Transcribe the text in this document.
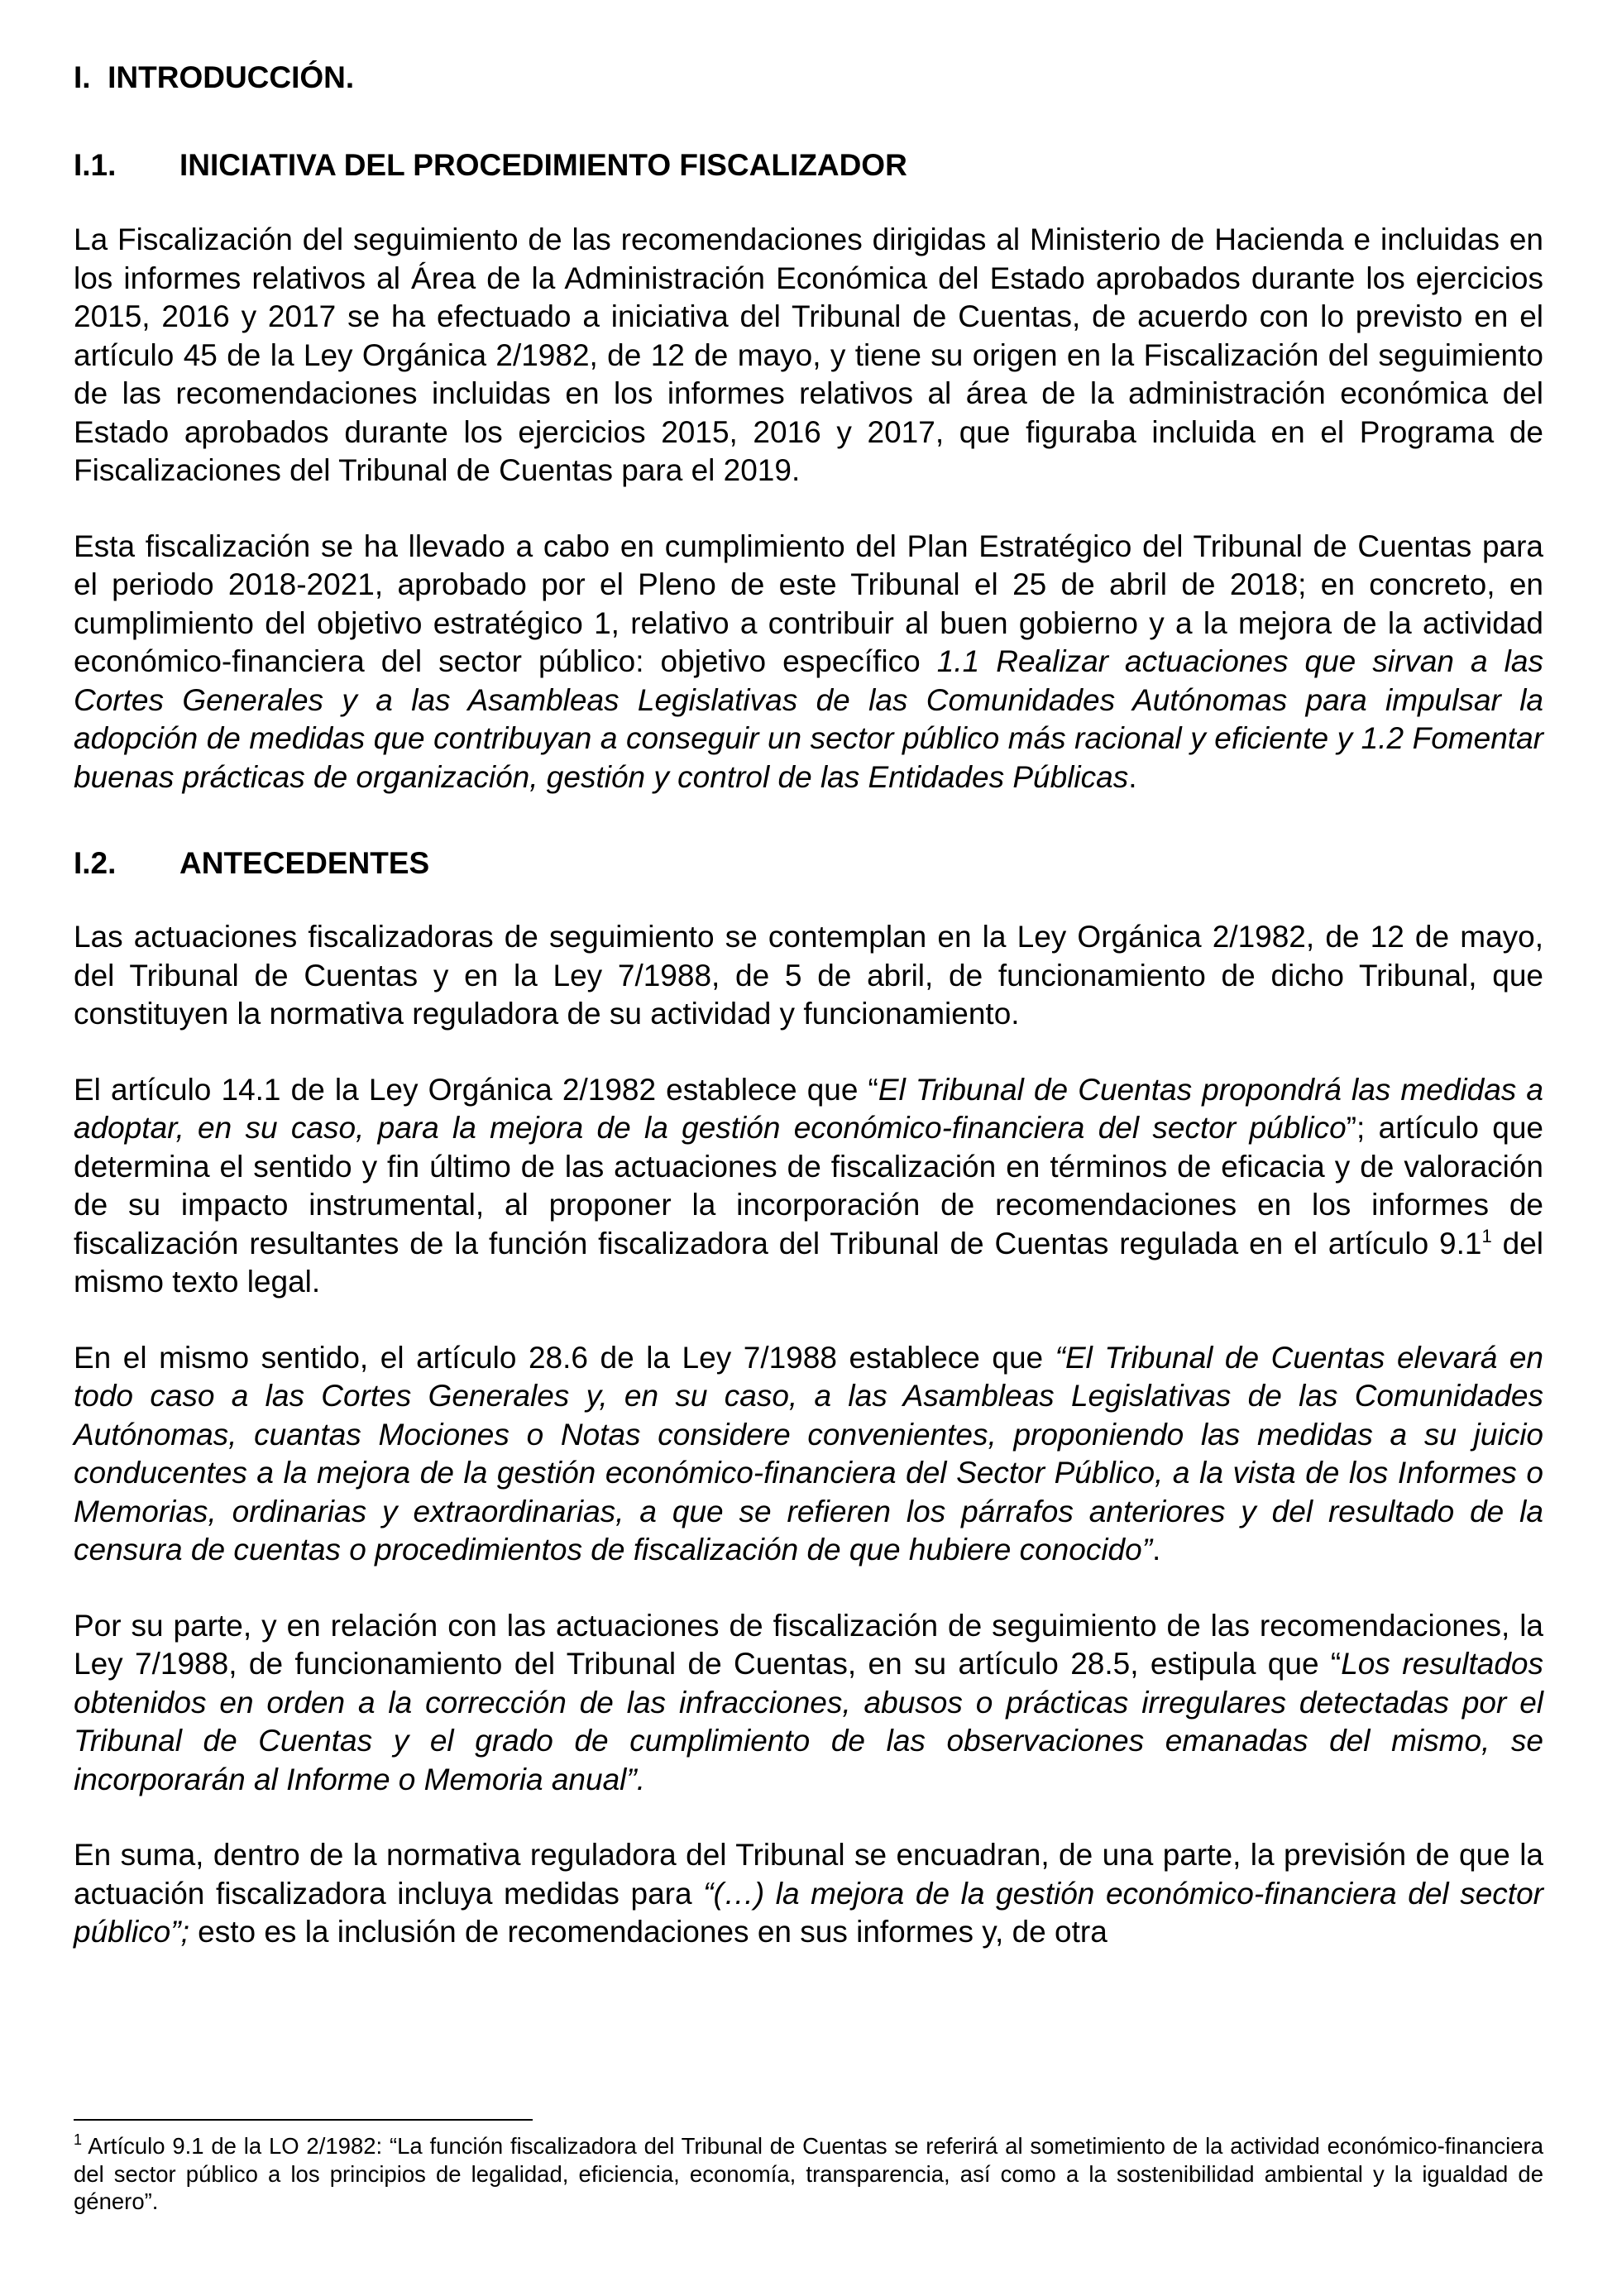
I. INTRODUCCIÓN.
I.1.	INICIATIVA DEL PROCEDIMIENTO FISCALIZADOR

La Fiscalización del seguimiento de las recomendaciones dirigidas al Ministerio de Hacienda e incluidas en los informes relativos al Área de la Administración Económica del Estado aprobados durante los ejercicios 2015, 2016 y 2017 se ha efectuado a iniciativa del Tribunal de Cuentas, de acuerdo con lo previsto en el artículo 45 de la Ley Orgánica 2/1982, de 12 de mayo, y tiene su origen en la Fiscalización del seguimiento de las recomendaciones incluidas en los informes relativos al área de la administración económica del Estado aprobados durante los ejercicios 2015, 2016 y 2017, que figuraba incluida en el Programa de Fiscalizaciones del Tribunal de Cuentas para el 2019.

Esta fiscalización se ha llevado a cabo en cumplimiento del Plan Estratégico del Tribunal de Cuentas para el periodo 2018-2021, aprobado por el Pleno de este Tribunal el 25 de abril de 2018; en concreto, en cumplimiento del objetivo estratégico 1, relativo a contribuir al buen gobierno y a la mejora de la actividad económico-financiera del sector público: objetivo específico 1.1 Realizar actuaciones que sirvan a las Cortes Generales y a las Asambleas Legislativas de las Comunidades Autónomas para impulsar la adopción de medidas que contribuyan a conseguir un sector público más racional y eficiente y 1.2 Fomentar buenas prácticas de organización, gestión y control de las Entidades Públicas.

I.2.	ANTECEDENTES

Las actuaciones fiscalizadoras de seguimiento se contemplan en la Ley Orgánica 2/1982, de 12 de mayo, del Tribunal de Cuentas y en la Ley 7/1988, de 5 de abril, de funcionamiento de dicho Tribunal, que constituyen la normativa reguladora de su actividad y funcionamiento.

El artículo 14.1 de la Ley Orgánica 2/1982 establece que “El Tribunal de Cuentas propondrá las medidas a adoptar, en su caso, para la mejora de la gestión económico-financiera del sector público”; artículo que determina el sentido y fin último de las actuaciones de fiscalización en términos de eficacia y de valoración de su impacto instrumental, al proponer la incorporación de recomendaciones en los informes de fiscalización resultantes de la función fiscalizadora del Tribunal de Cuentas regulada en el artículo $9.1^1$ del mismo texto legal.

En el mismo sentido, el artículo 28.6 de la Ley 7/1988 establece que “El Tribunal de Cuentas elevará en todo caso a las Cortes Generales y, en su caso, a las Asambleas Legislativas de las Comunidades Autónomas, cuantas Mociones o Notas considere convenientes, proponiendo las medidas a su juicio conducentes a la mejora de la gestión económico-financiera del Sector Público, a la vista de los Informes o Memorias, ordinarias y extraordinarias, a que se refieren los párrafos anteriores y del resultado de la censura de cuentas o procedimientos de fiscalización de que hubiere conocido”.

Por su parte, y en relación con las actuaciones de fiscalización de seguimiento de las recomendaciones, la Ley 7/1988, de funcionamiento del Tribunal de Cuentas, en su artículo 28.5, estipula que “Los resultados obtenidos en orden a la corrección de las infracciones, abusos o prácticas irregulares detectadas por el Tribunal de Cuentas y el grado de cumplimiento de las observaciones emanadas del mismo, se incorporarán al Informe o Memoria anual”.

En suma, dentro de la normativa reguladora del Tribunal se encuadran, de una parte, la previsión de que la actuación fiscalizadora incluya medidas para “(…) la mejora de la gestión económico-financiera del sector público”; esto es la inclusión de recomendaciones en sus informes y, de otra

$^1$ Artículo 9.1 de la LO 2/1982: “La función fiscalizadora del Tribunal de Cuentas se referirá al sometimiento de la actividad económico-financiera del sector público a los principios de legalidad, eficiencia, economía, transparencia, así como a la sostenibilidad ambiental y la igualdad de género”.
